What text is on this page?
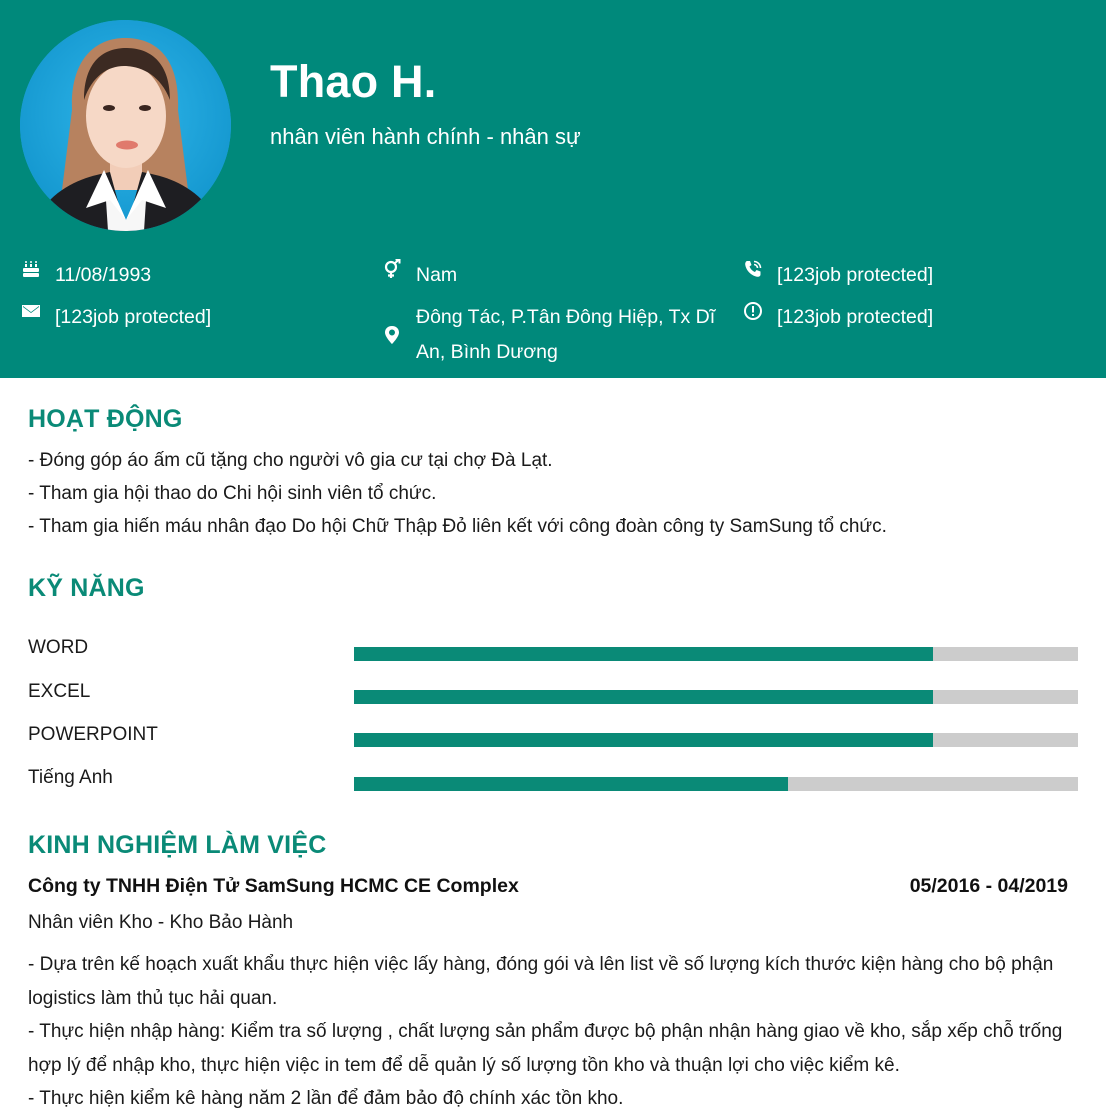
Thao H.
nhân viên hành chính - nhân sự
11/08/1993
[123job protected]
Nam
Đông Tác, P.Tân Đông Hiệp, Tx Dĩ
An, Bình Dương
[123job protected]
[123job protected]
HOẠT ĐỘNG
- Đóng góp áo ấm cũ tặng cho người vô gia cư tại chợ Đà Lạt.
- Tham gia hội thao do Chi hội sinh viên tổ chức.
- Tham gia hiến máu nhân đạo Do hội Chữ Thập Đỏ liên kết với công đoàn công ty SamSung tổ chức.
KỸ NĂNG
WORD
EXCEL
POWERPOINT
Tiếng Anh
KINH NGHIỆM LÀM VIỆC
Công ty TNHH Điện Tử SamSung HCMC CE Complex	05/2016 - 04/2019
Nhân viên Kho - Kho Bảo Hành
- Dựa trên kế hoạch xuất khẩu thực hiện việc lấy hàng, đóng gói và lên list về số lượng kích thước kiện hàng cho bộ phận
logistics làm thủ tục hải quan.
- Thực hiện nhập hàng: Kiểm tra số lượng , chất lượng sản phẩm được bộ phận nhận hàng giao về kho, sắp xếp chỗ trống
hợp lý để nhập kho, thực hiện việc in tem để dễ quản lý số lượng tồn kho và thuận lợi cho việc kiểm kê.
- Thực hiện kiểm kê hàng năm 2 lần để đảm bảo độ chính xác tồn kho.
